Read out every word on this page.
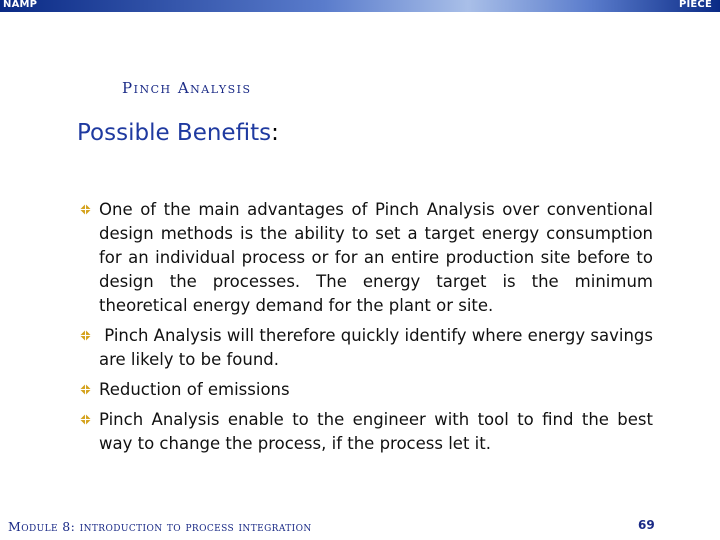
NAMP	PIECE
Pinch Analysis
Possible Benefits:
One of the main advantages of Pinch Analysis over conventional design methods is the ability to set a target energy consumption for an individual process or for an entire production site before to design the processes. The energy target is the minimum theoretical energy demand for the plant or site.
Pinch Analysis will therefore quickly identify where energy savings are likely to be found.
Reduction of emissions
Pinch Analysis enable to the engineer with tool to find the best way to change the process, if the process let it.
Module 8: introduction to process integration	69
